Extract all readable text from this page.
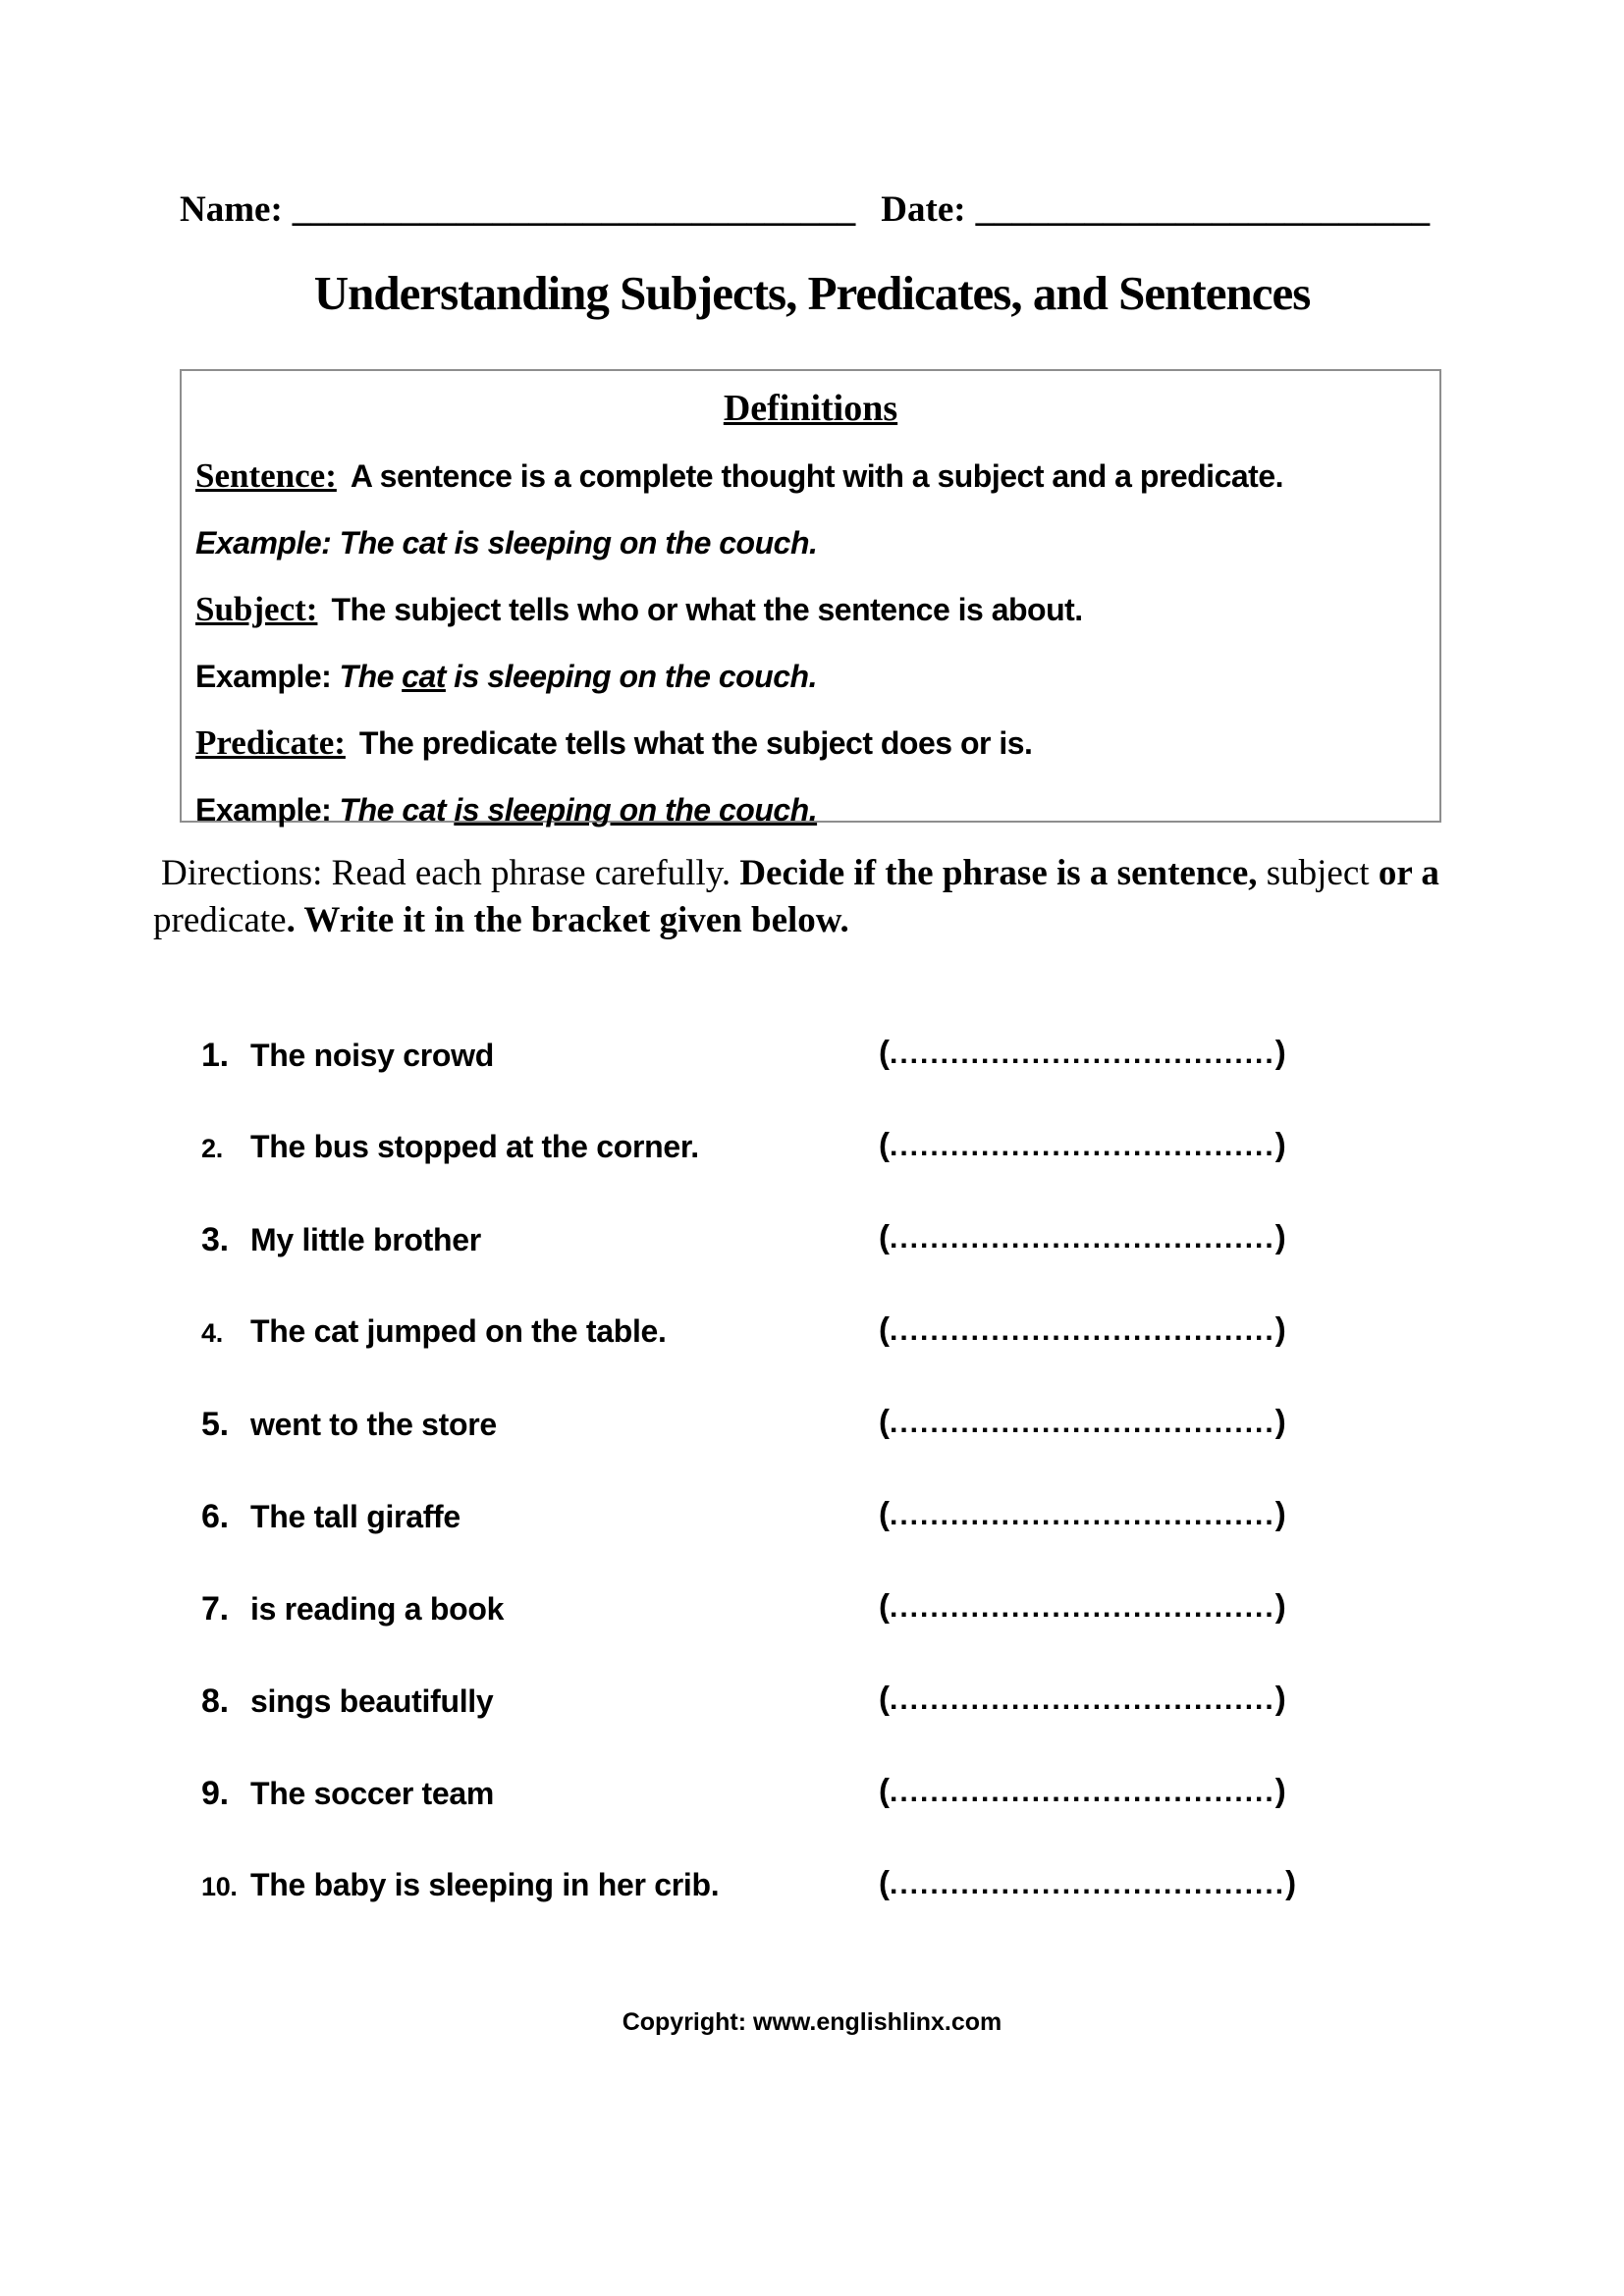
Name: _______________________________ Date: _________________________
Understanding Subjects, Predicates, and Sentences
Definitions

Sentence: A sentence is a complete thought with a subject and a predicate.

Example: The cat is sleeping on the couch.

Subject: The subject tells who or what the sentence is about.

Example: The cat is sleeping on the couch.

Predicate: The predicate tells what the subject does or is.

Example: The cat is sleeping on the couch.

Directions: Read each phrase carefully. Decide if the phrase is a sentence, subject or a predicate. Write it in the bracket given below.

1. The noisy crowd	(......................................)
2. The bus stopped at the corner.	(......................................)
3. My little brother	(......................................)
4. The cat jumped on the table.	(......................................)
5. went to the store	(......................................)
6. The tall giraffe	(......................................)
7. is reading a book	(......................................)
8. sings beautifully	(......................................)
9. The soccer team	(......................................)
10. The baby is sleeping in her crib.	(.......................................)
Copyright: www.englishlinx.com
